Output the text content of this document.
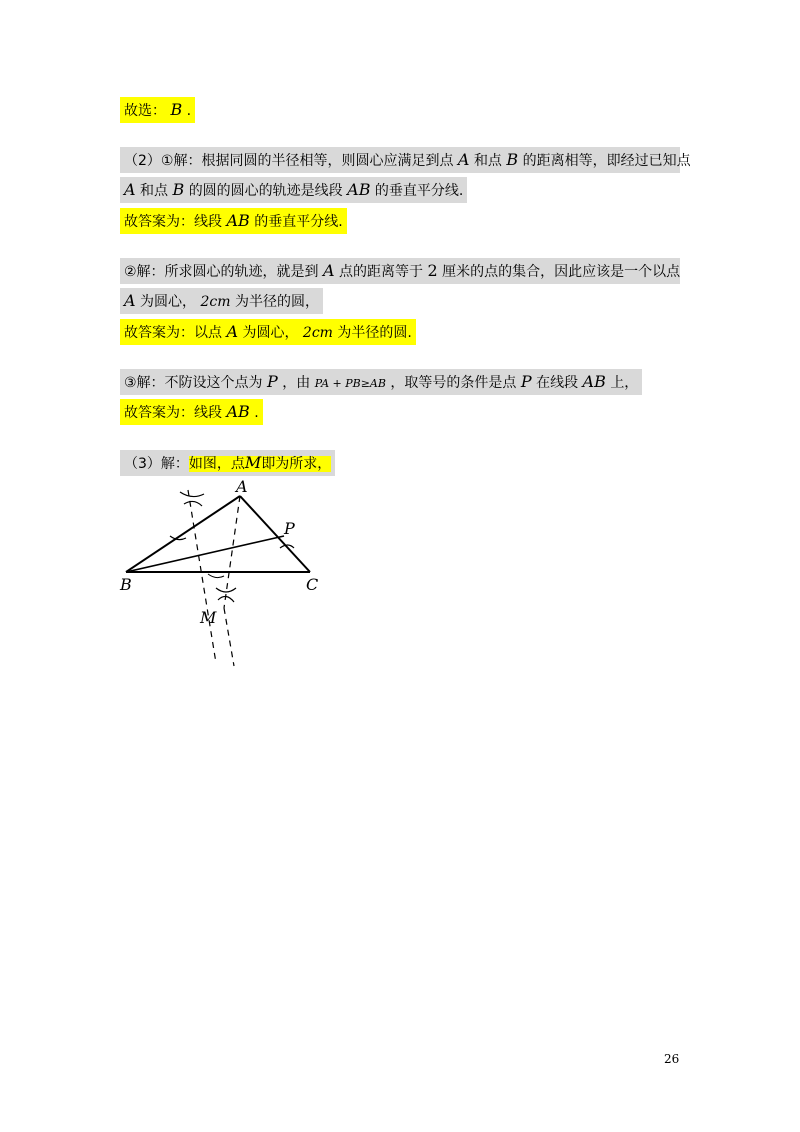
故选： B .
（2）①解：根据同圆的半径相等，则圆心应满足到点 A 和点 B 的距离相等，即经过已知点
A 和点 B 的圆的圆心的轨迹是线段 AB 的垂直平分线.
故答案为：线段 AB 的垂直平分线.
②解：所求圆心的轨迹，就是到 A 点的距离等于 2 厘米的点的集合，因此应该是一个以点
A 为圆心， 2cm 为半径的圆，
故答案为：以点 A 为圆心， 2cm 为半径的圆.
③解：不防设这个点为 P ，由 PA + PB≥AB ，取等号的条件是点 P 在线段 AB 上，
故答案为：线段 AB .
（3）解：如图，点M即为所求，
A
B	C
P
M
26
